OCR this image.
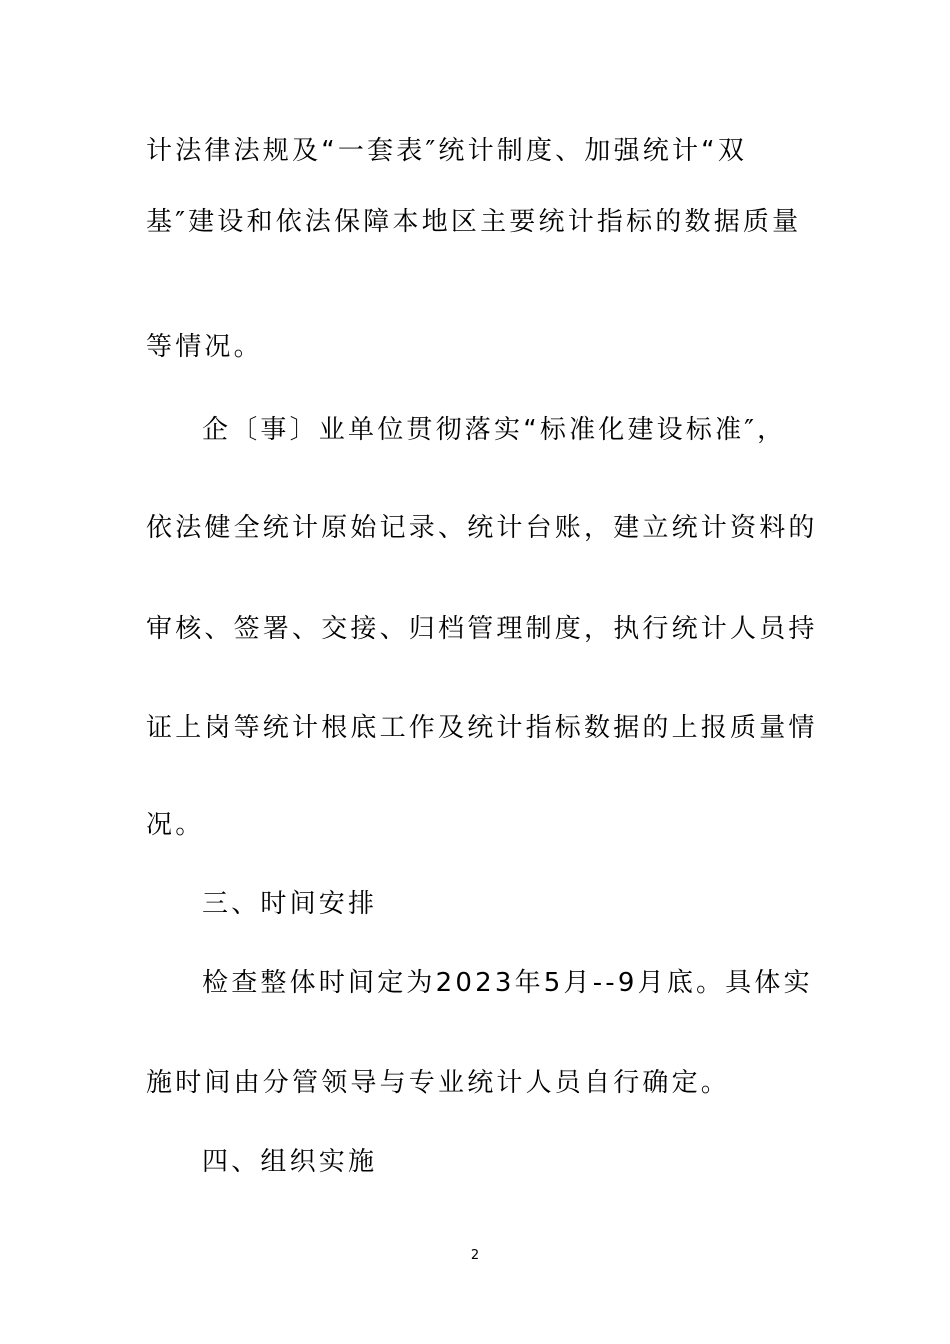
计法律法规及“一套表″统计制度、加强统计“双
基″建设和依法保障本地区主要统计指标的数据质量
等情况。
企〔事〕业单位贯彻落实“标准化建设标准″，
依法健全统计原始记录、统计台账，建立统计资料的
审核、签署、交接、归档管理制度，执行统计人员持
证上岗等统计根底工作及统计指标数据的上报质量情
况。
三、时间安排
检查整体时间定为2023年5月--9月底。具体实
施时间由分管领导与专业统计人员自行确定。
四、组织实施
2
